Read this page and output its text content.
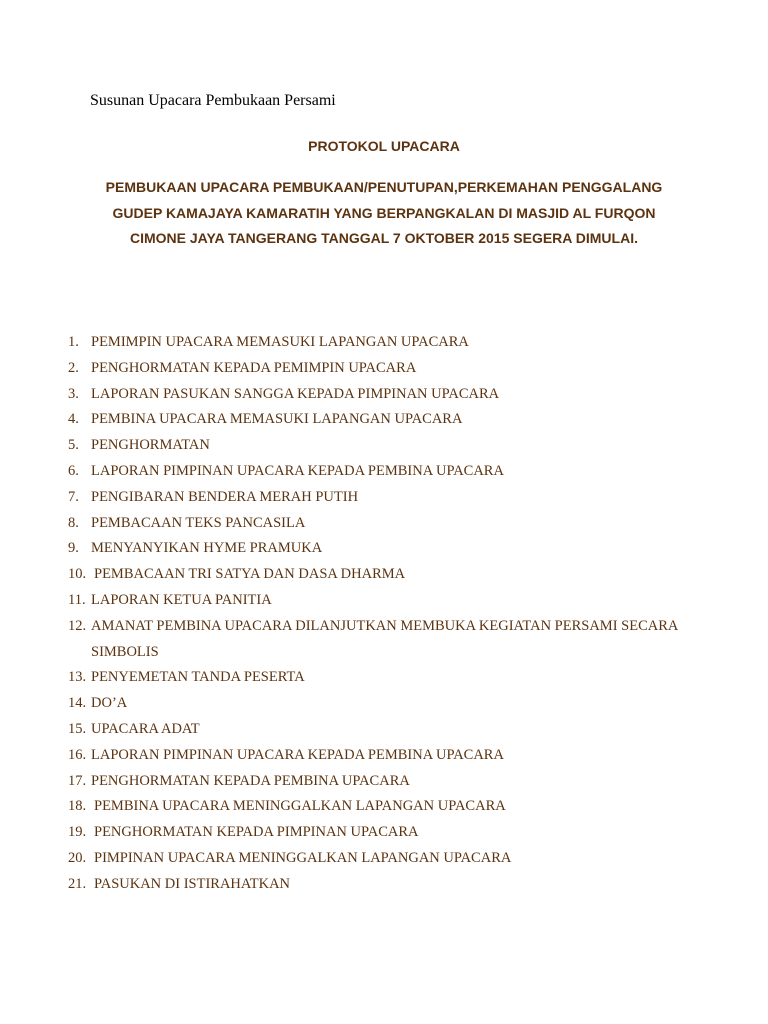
Susunan Upacara Pembukaan Persami
PROTOKOL UPACARA

PEMBUKAAN UPACARA PEMBUKAAN/PENUTUPAN,PERKEMAHAN PENGGALANG GUDEP KAMAJAYA KAMARATIH YANG BERPANGKALAN DI MASJID AL FURQON CIMONE JAYA TANGERANG TANGGAL 7 OKTOBER 2015 SEGERA DIMULAI.

1. PEMIMPIN UPACARA MEMASUKI LAPANGAN UPACARA
2. PENGHORMATAN KEPADA PEMIMPIN UPACARA
3. LAPORAN PASUKAN SANGGA KEPADA PIMPINAN UPACARA
4. PEMBINA UPACARA MEMASUKI LAPANGAN UPACARA
5. PENGHORMATAN
6. LAPORAN PIMPINAN UPACARA KEPADA PEMBINA UPACARA
7. PENGIBARAN BENDERA MERAH PUTIH
8. PEMBACAAN TEKS PANCASILA
9. MENYANYIKAN HYME PRAMUKA
10. PEMBACAAN TRI SATYA DAN DASA DHARMA
11. LAPORAN KETUA PANITIA
12. AMANAT PEMBINA UPACARA DILANJUTKAN MEMBUKA KEGIATAN PERSAMI SECARA SIMBOLIS
13. PENYEMETAN TANDA PESERTA
14. DO’A
15. UPACARA ADAT
16. LAPORAN PIMPINAN UPACARA KEPADA PEMBINA UPACARA
17. PENGHORMATAN KEPADA PEMBINA UPACARA
18. PEMBINA UPACARA MENINGGALKAN LAPANGAN UPACARA
19. PENGHORMATAN KEPADA PIMPINAN UPACARA
20. PIMPINAN UPACARA MENINGGALKAN LAPANGAN UPACARA
21. PASUKAN DI ISTIRAHATKAN
